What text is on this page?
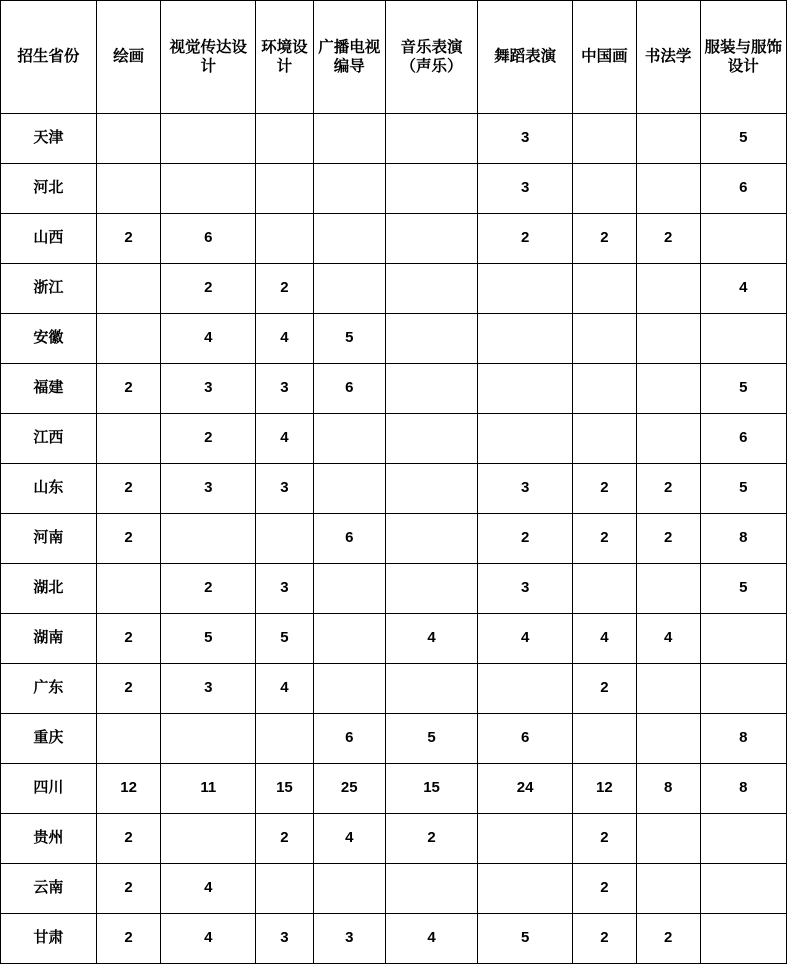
招生省份	绘画	视觉传达设计	环境设计	广播电视编导	音乐表演（声乐）	舞蹈表演	中国画	书法学	服装与服饰设计
天津						3			5
河北						3			6
山西	2	6				2	2	2	
浙江		2	2						4
安徽		4	4	5					
福建	2	3	3	6					5
江西		2	4						6
山东	2	3	3			3	2	2	5
河南	2			6		2	2	2	8
湖北		2	3			3			5
湖南	2	5	5		4	4	4	4	
广东	2	3	4				2		
重庆				6	5	6			8
四川	12	11	15	25	15	24	12	8	8
贵州	2		2	4	2		2		
云南	2	4					2		
甘肃	2	4	3	3	4	5	2	2	
